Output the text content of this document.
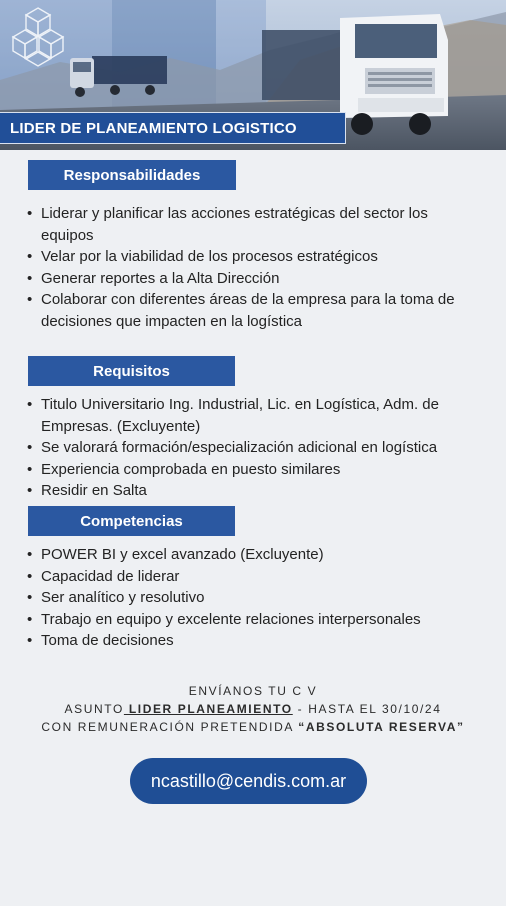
LIDER DE PLANEAMIENTO LOGISTICO
Responsabilidades
• Liderar y planificar las acciones estratégicas del sector los equipos
• Velar por la viabilidad de los procesos estratégicos
• Generar reportes a la Alta Dirección
• Colaborar con diferentes áreas de la empresa para la toma de decisiones que impacten en la logística
Requisitos
• Titulo Universitario Ing. Industrial, Lic. en Logística, Adm. de Empresas. (Excluyente)
• Se valorará formación/especialización adicional en logística
• Experiencia comprobada en puesto similares
• Residir en Salta
Competencias
• POWER BI y excel avanzado (Excluyente)
• Capacidad de liderar
• Ser analítico y resolutivo
• Trabajo en equipo y excelente relaciones interpersonales
• Toma de decisiones
ENVÍANOS TU C V
ASUNTO LIDER PLANEAMIENTO - HASTA EL 30/10/24
CON REMUNERACIÓN PRETENDIDA “ABSOLUTA RESERVA”
ncastillo@cendis.com.ar
